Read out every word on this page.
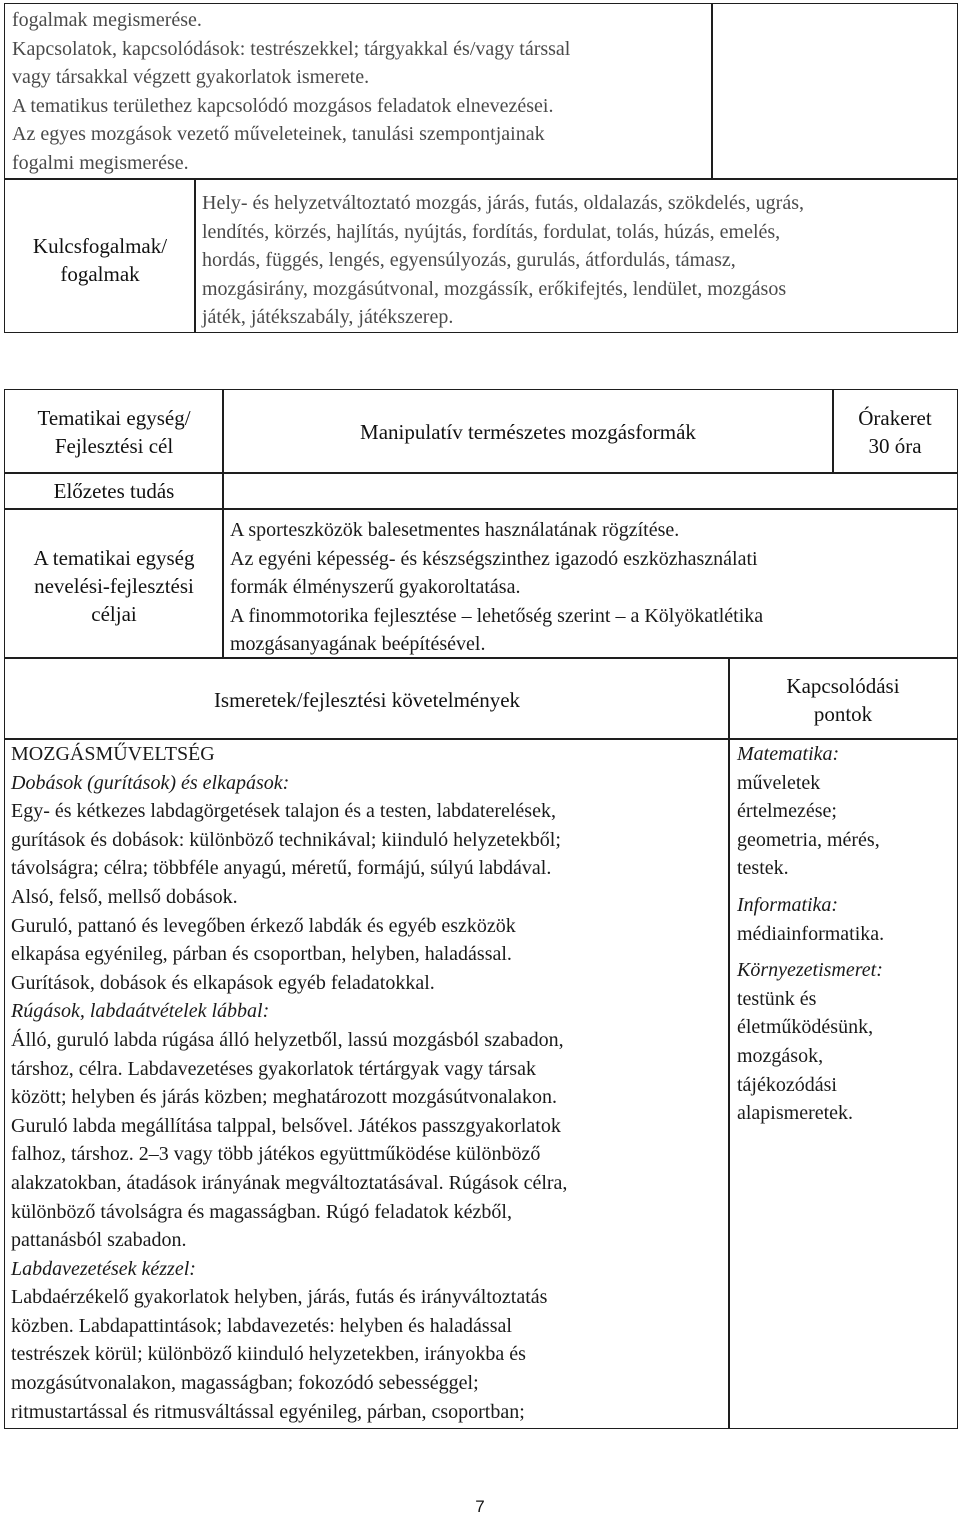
fogalmak megismerése.
Kapcsolatok, kapcsolódások: testrészekkel; tárgyakkal és/vagy társsal
vagy társakkal végzett gyakorlatok ismerete.
A tematikus területhez kapcsolódó mozgásos feladatok elnevezései.
Az egyes mozgások vezető műveleteinek, tanulási szempontjainak
fogalmi megismerése.
Kulcsfogalmak/
fogalmak
Hely- és helyzetváltoztató mozgás, járás, futás, oldalazás, szökdelés, ugrás,
lendítés, körzés, hajlítás, nyújtás, fordítás, fordulat, tolás, húzás, emelés,
hordás, függés, lengés, egyensúlyozás, gurulás, átfordulás, támasz,
mozgásirány, mozgásútvonal, mozgássík, erőkifejtés, lendület, mozgásos
játék, játékszabály, játékszerep.
Tematikai egység/
Fejlesztési cél
Manipulatív természetes mozgásformák
Órakeret
30 óra
Előzetes tudás
A tematikai egység
nevelési-fejlesztési
céljai
A sporteszközök balesetmentes használatának rögzítése.
Az egyéni képesség- és készségszinthez igazodó eszközhasználati
formák élményszerű gyakoroltatása.
A finommotorika fejlesztése – lehetőség szerint – a Kölyökatlétika
mozgásanyagának beépítésével.
Ismeretek/fejlesztési követelmények
Kapcsolódási
pontok
MOZGÁSMŰVELTSÉG
Dobások (gurítások) és elkapások:
Egy- és kétkezes labdagörgetések talajon és a testen, labdaterelések,
gurítások és dobások: különböző technikával; kiinduló helyzetekből;
távolságra; célra; többféle anyagú, méretű, formájú, súlyú labdával.
Alsó, felső, mellső dobások.
Guruló, pattanó és levegőben érkező labdák és egyéb eszközök
elkapása egyénileg, párban és csoportban, helyben, haladással.
Gurítások, dobások és elkapások egyéb feladatokkal.
Rúgások, labdaátvételek lábbal:
Álló, guruló labda rúgása álló helyzetből, lassú mozgásból szabadon,
társhoz, célra. Labdavezetéses gyakorlatok tértárgyak vagy társak
között; helyben és járás közben; meghatározott mozgásútvonalakon.
Guruló labda megállítása talppal, belsővel. Játékos passzgyakorlatok
falhoz, társhoz. 2–3 vagy több játékos együttműködése különböző
alakzatokban, átadások irányának megváltoztatásával. Rúgások célra,
különböző távolságra és magasságban. Rúgó feladatok kézből,
pattanásból szabadon.
Labdavezetések kézzel:
Labdaérzékelő gyakorlatok helyben, járás, futás és irányváltoztatás
közben. Labdapattintások; labdavezetés: helyben és haladással
testrészek körül; különböző kiinduló helyzetekben, irányokba és
mozgásútvonalakon, magasságban; fokozódó sebességgel;
ritmustartással és ritmusváltással egyénileg, párban, csoportban;
Matematika:
műveletek
értelmezése;
geometria, mérés,
testek.
Informatika:
médiainformatika.
Környezetismeret:
testünk és
életműködésünk,
mozgások,
tájékozódási
alapismeretek.
7
